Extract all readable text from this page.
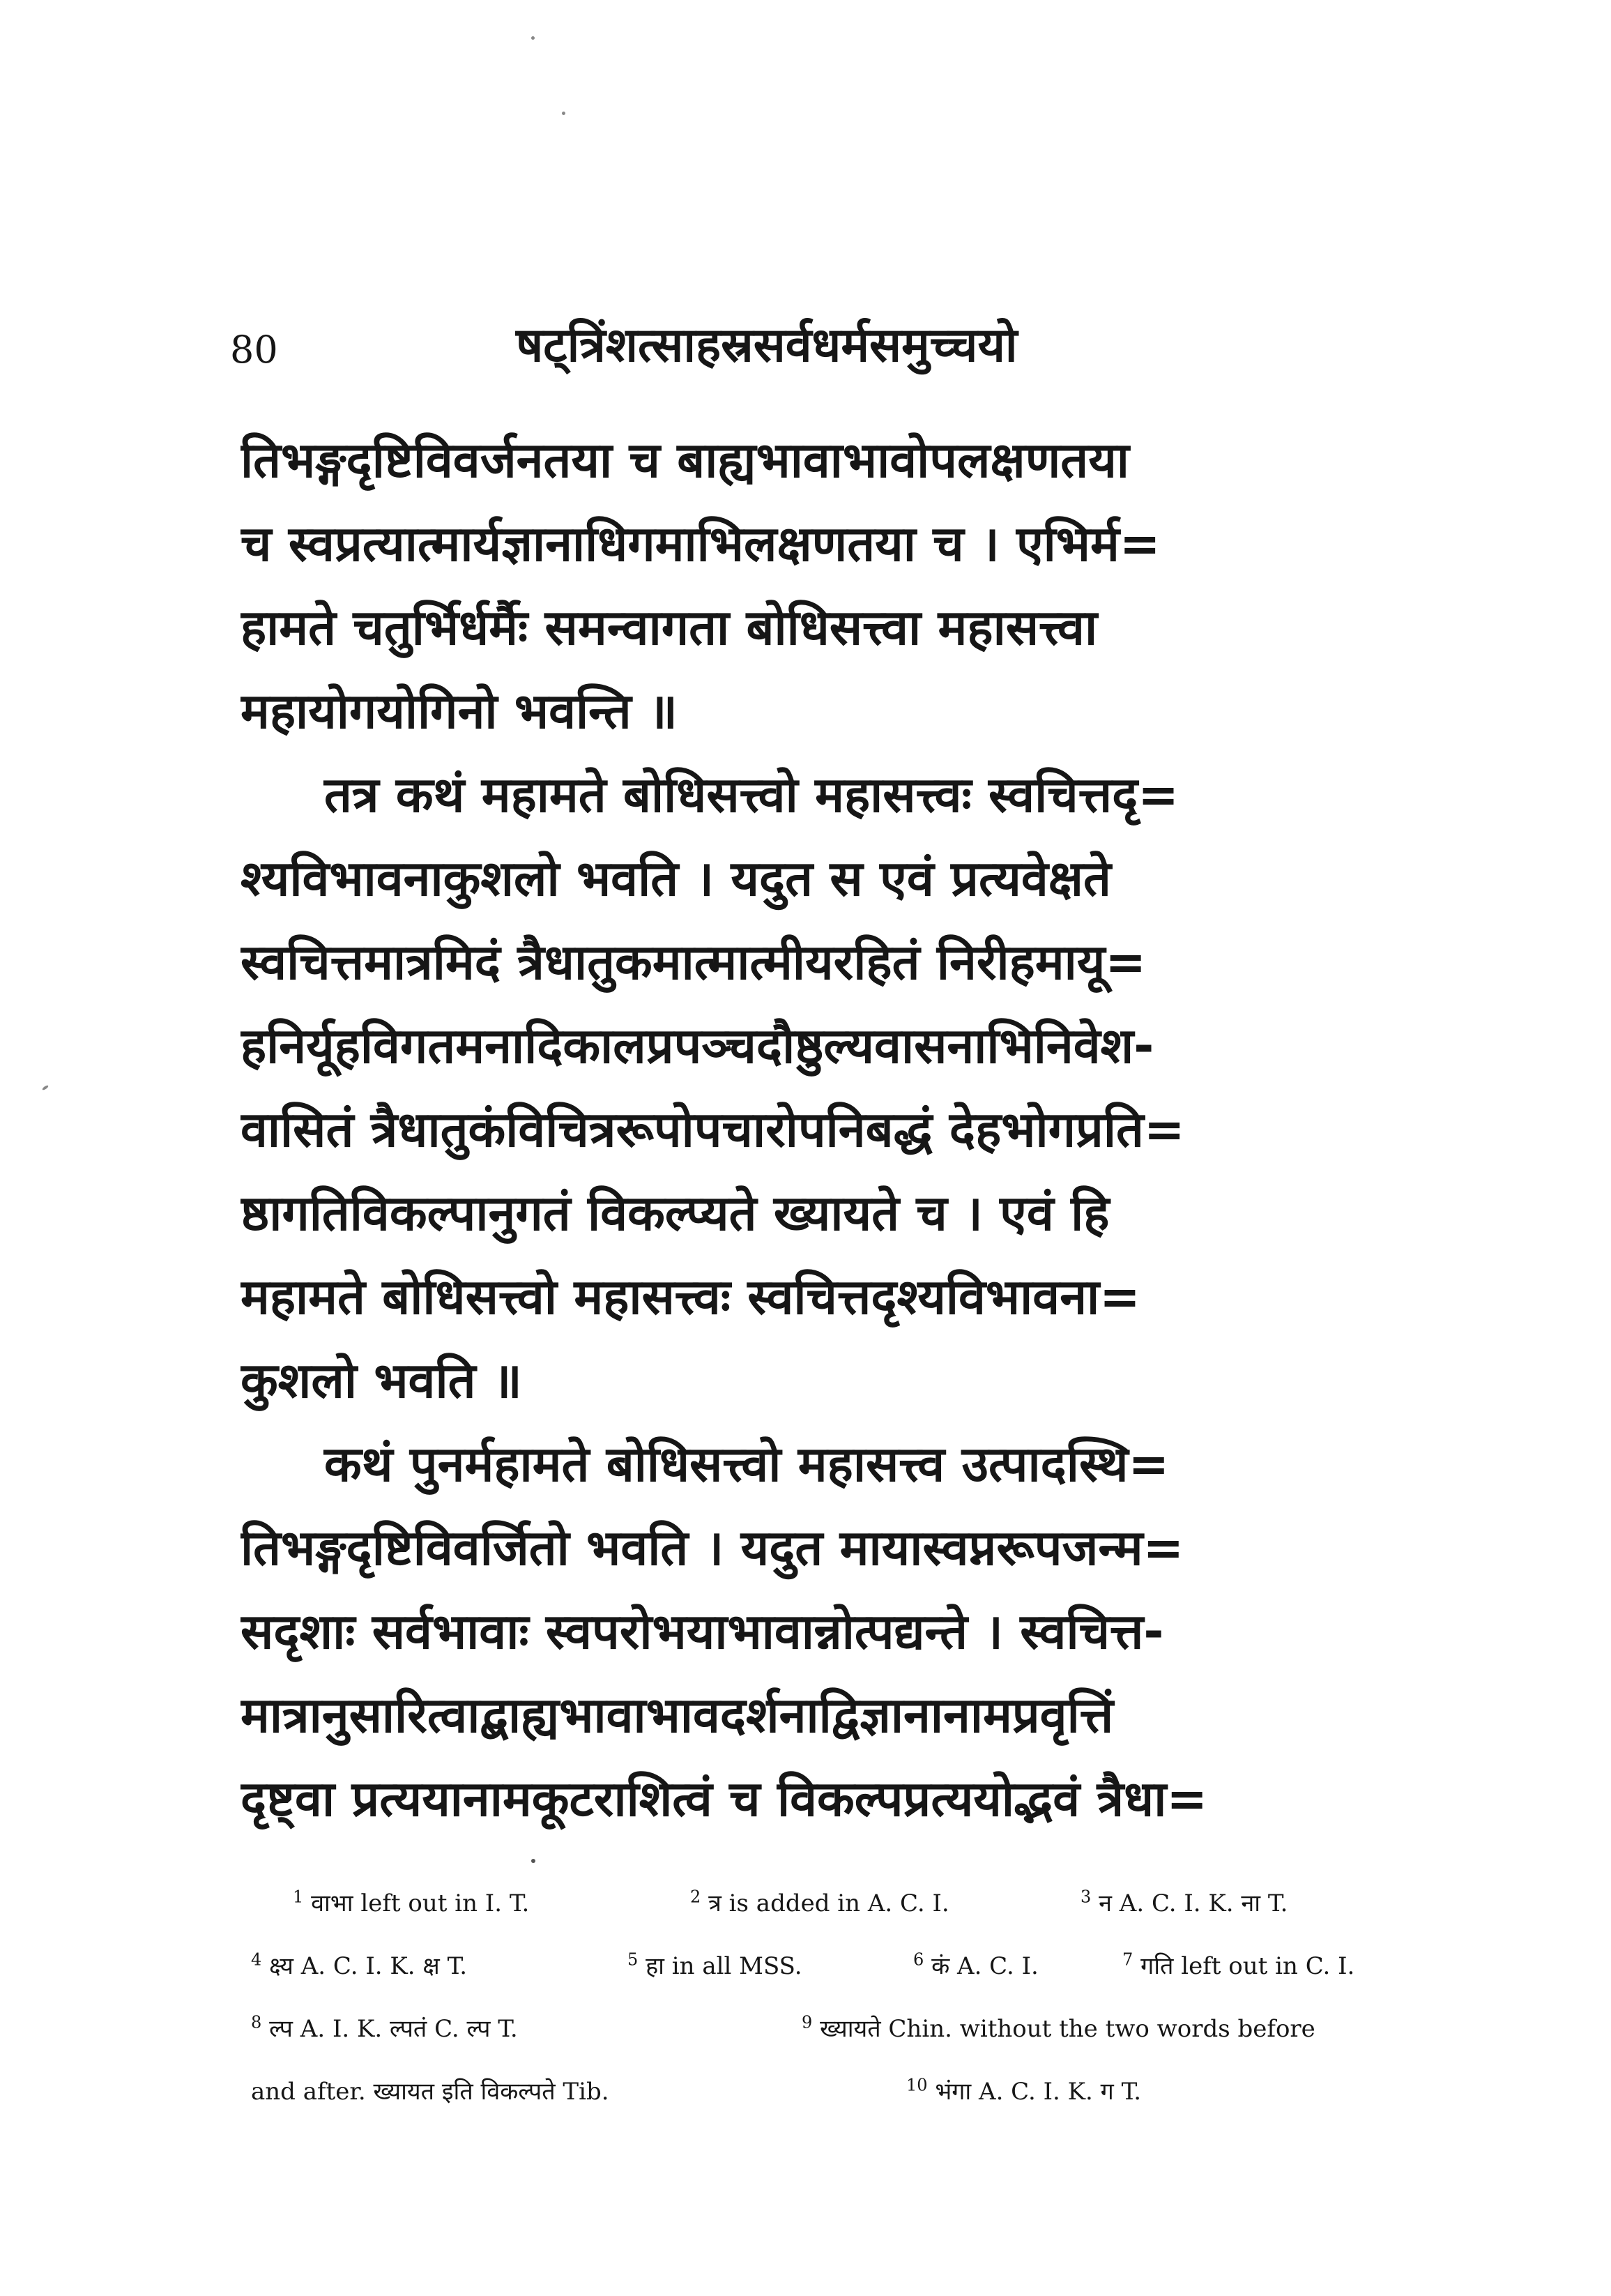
80	षट्त्रिंशत्साहस्रसर्वधर्मसमुच्चयो
तिभङ्गदृष्टिविवर्जनतया च बाह्यभावाभावोपलक्षणतया
च स्वप्रत्यात्मार्यज्ञानाधिगमाभिलक्षणतया च । एभिर्म=
हामते चतुर्भिर्धर्मैः समन्वागता बोधिसत्त्वा महासत्त्वा
महायोगयोगिनो भवन्ति ॥
तत्र कथं महामते बोधिसत्त्वो महासत्त्वः स्वचित्तदृ=
श्यविभावनाकुशलो भवति । यदुत स एवं प्रत्यवेक्षते
स्वचित्तमात्रमिदं त्रैधातुकमात्मात्मीयरहितं निरीहमायू=
हनिर्यूहविगतमनादिकालप्रपञ्चदौष्ठुल्यवासनाभिनिवेश-
वासितं त्रैधातुकंविचित्ररूपोपचारोपनिबद्धं देहभोगप्रति=
ष्ठागतिविकल्पानुगतं विकल्प्यते ख्यायते च । एवं हि
महामते बोधिसत्त्वो महासत्त्वः स्वचित्तदृश्यविभावना=
कुशलो भवति ॥
कथं पुनर्महामते बोधिसत्त्वो महासत्त्व उत्पादस्थि=
तिभङ्गदृष्टिविवर्जितो भवति । यदुत मायास्वप्नरूपजन्म=
सदृशाः सर्वभावाः स्वपरोभयाभावान्नोत्पद्यन्ते । स्वचित्त-
मात्रानुसारित्वाद्बाह्यभावाभावदर्शनाद्विज्ञानानामप्रवृत्तिं
दृष्ट्वा प्रत्ययानामकूटराशित्वं च विकल्पप्रत्ययोद्भवं त्रैधा=
$^1$ वाभा left out in I. T.	$^2$ त्र is added in A. C. I.	$^3$ न A. C. I. K. ना T.
$^4$ क्ष्य A. C. I. K. क्ष T.	$^5$ हा in all MSS.	$^6$ कं A. C. I.	$^7$ गति left out in C. I.
$^8$ ल्प A. I. K. ल्पतं C. ल्प T.	$^9$ ख्यायते Chin. without the two words before
and after. ख्यायत इति विकल्पते Tib.	$^{10}$ भंगा A. C. I. K. ग T.
